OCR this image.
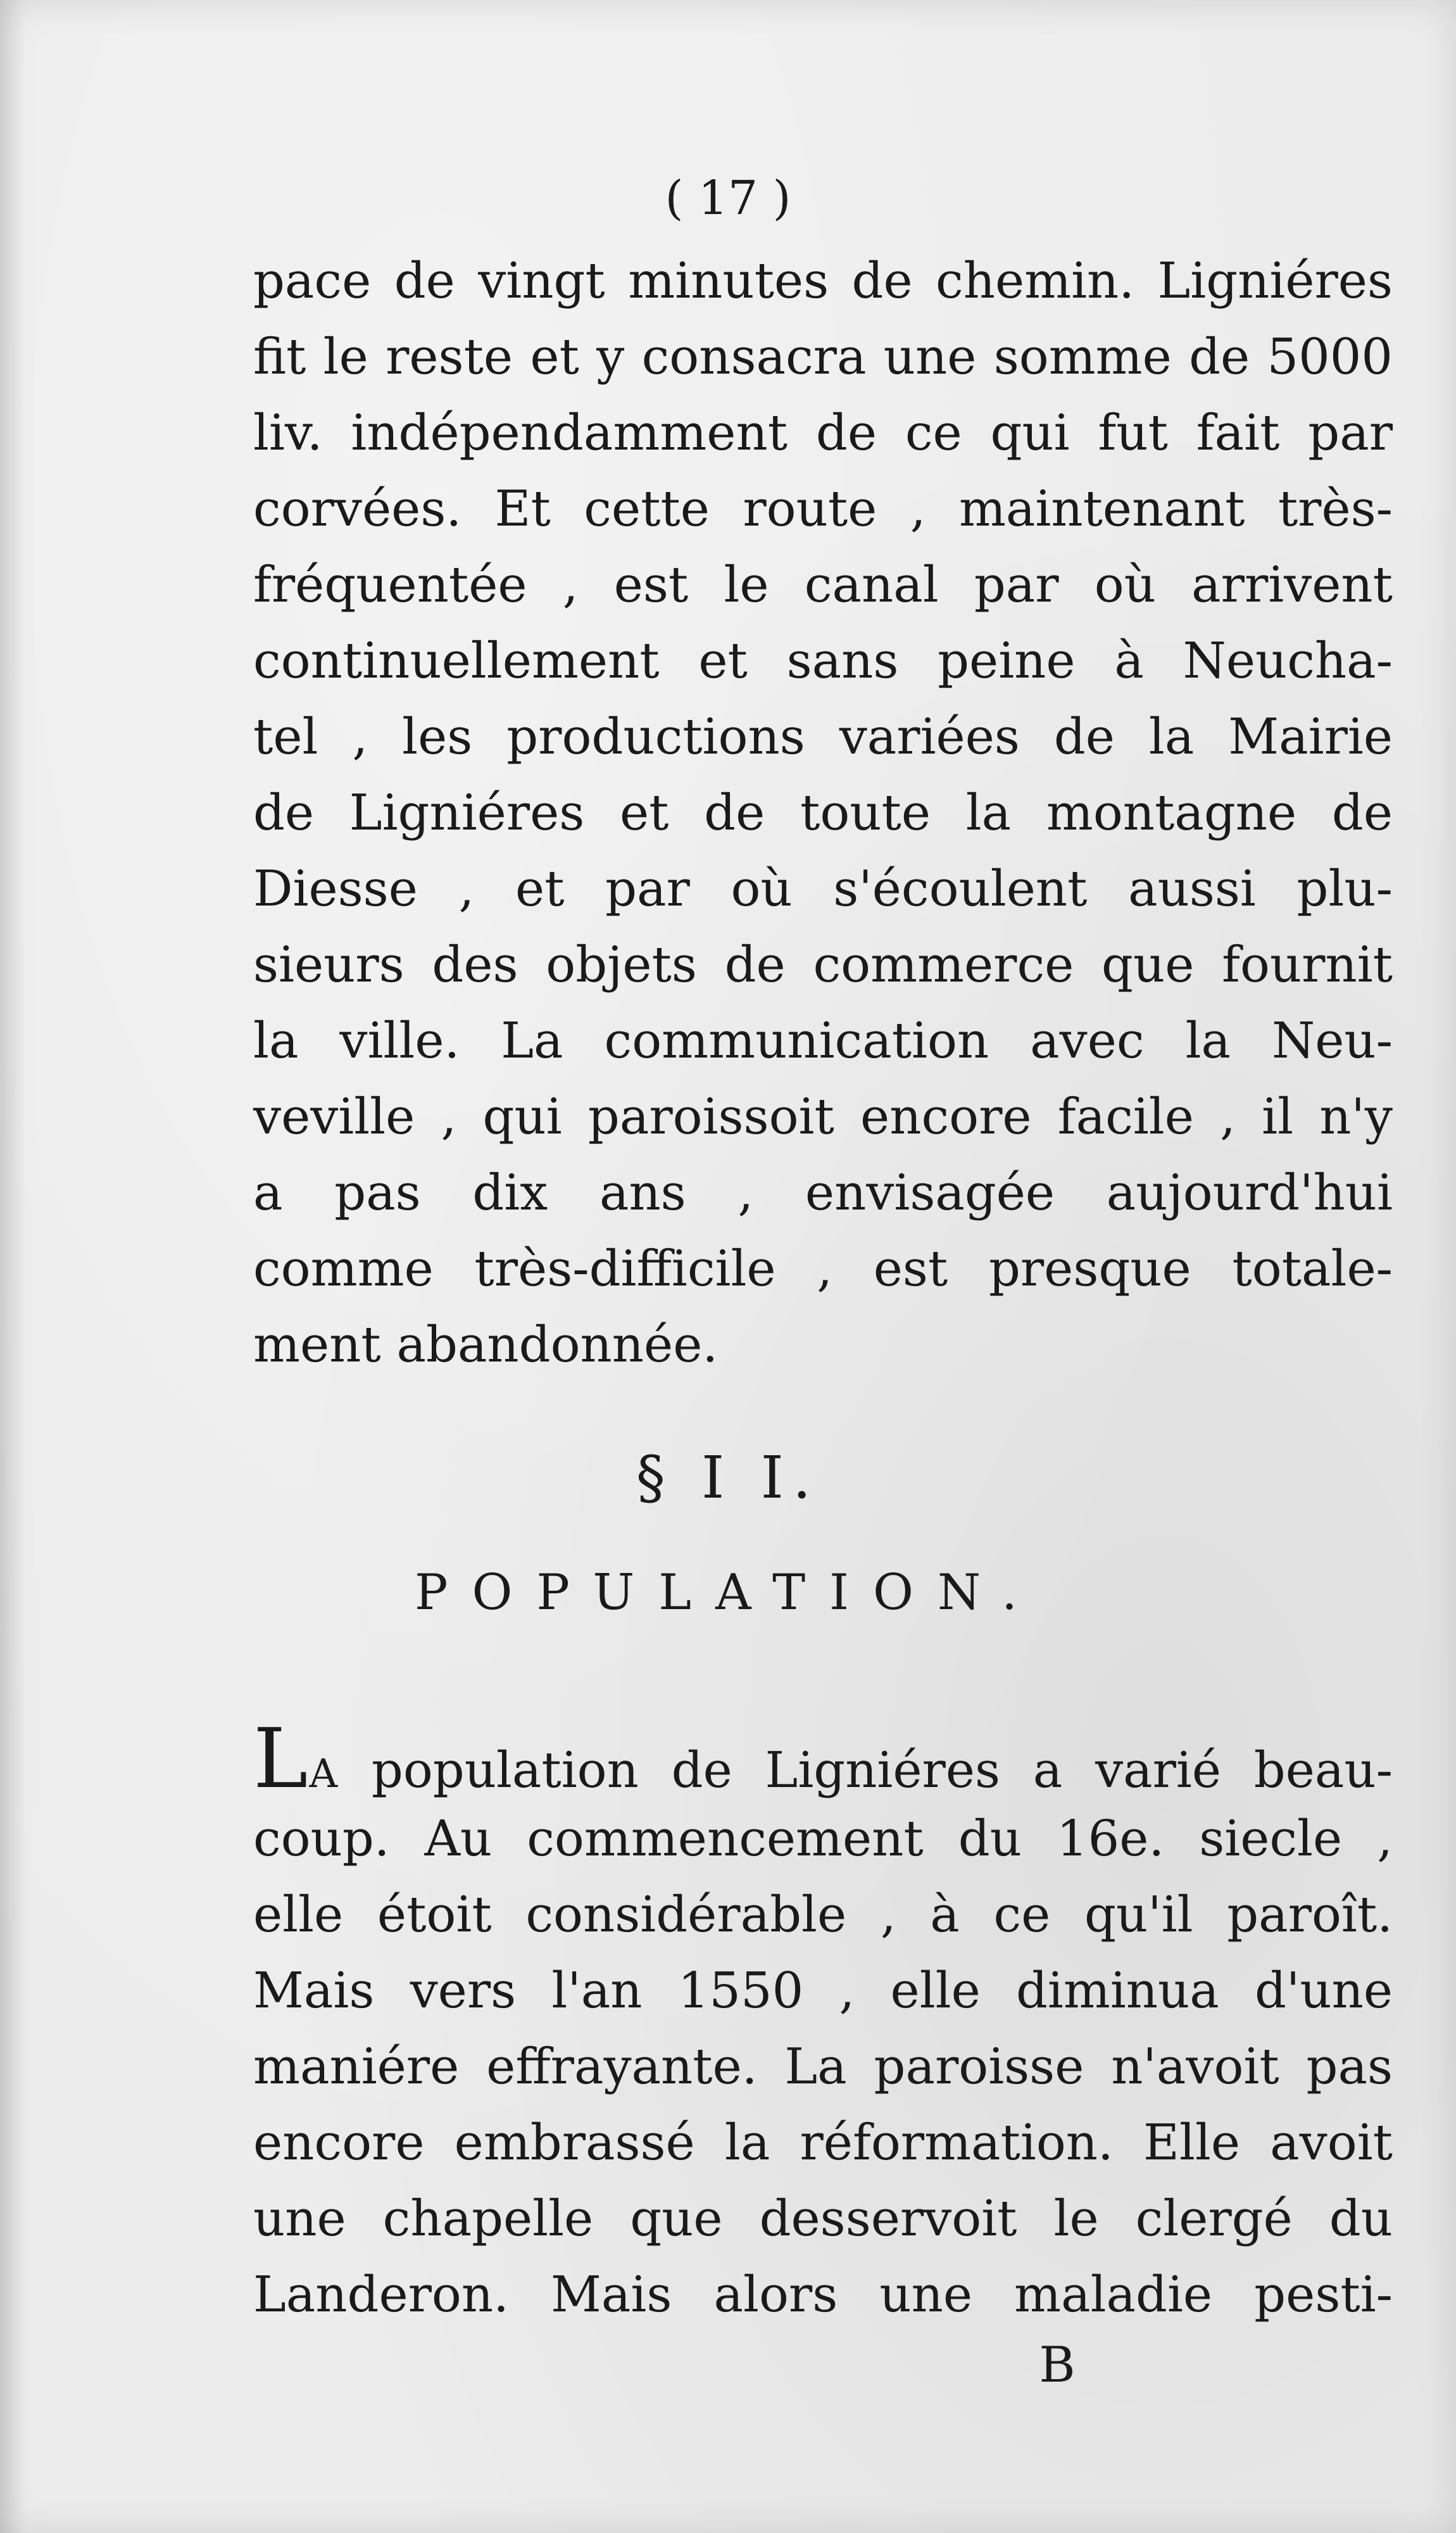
( 17 )
pace de vingt minutes de chemin. Ligniéres
fit le reste et y consacra une somme de 5000
liv. indépendamment de ce qui fut fait par
corvées. Et cette route , maintenant très-
fréquentée , est le canal par où arrivent
continuellement et sans peine à Neucha-
tel , les productions variées de la Mairie
de Ligniéres et de toute la montagne de
Diesse , et par où s'écoulent aussi plu-
sieurs des objets de commerce que fournit
la ville. La communication avec la Neu-
veville , qui paroissoit encore facile , il n'y
a pas dix ans , envisagée aujourd'hui
comme très-difficile , est presque totale-
ment abandonnée.
§ I I.
POPULATION.
LA population de Ligniéres a varié beau-
coup. Au commencement du 16e. siecle ,
elle étoit considérable , à ce qu'il paroît.
Mais vers l'an 1550 , elle diminua d'une
maniére effrayante. La paroisse n'avoit pas
encore embrassé la réformation. Elle avoit
une chapelle que desservoit le clergé du
Landeron. Mais alors une maladie pesti-
B
